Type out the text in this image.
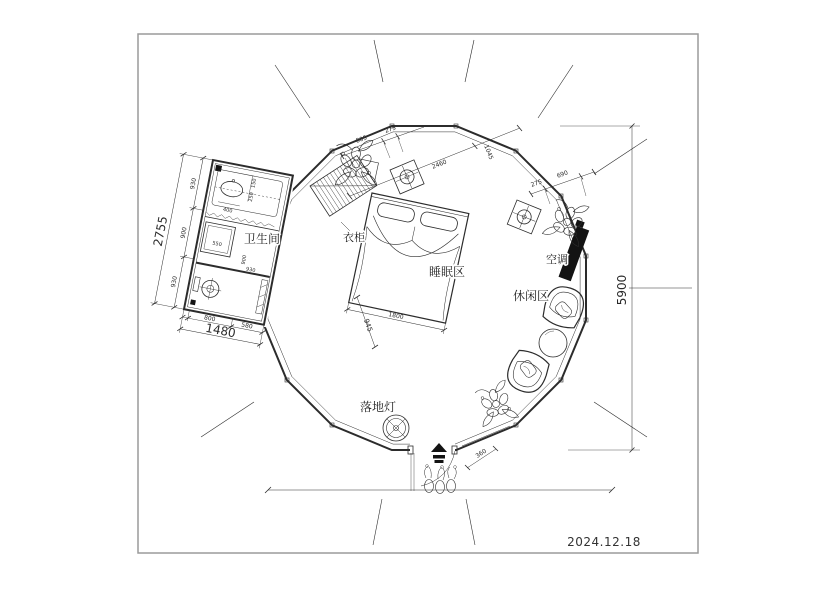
400
150
250
550
900
930
930
900
930
2755
800
580
1480	945
1800
360
805
275
2460
1045
275
690
5900
卫生间	衣柜
睡眠区
休闲区
空调
落地灯
2024.12.18
